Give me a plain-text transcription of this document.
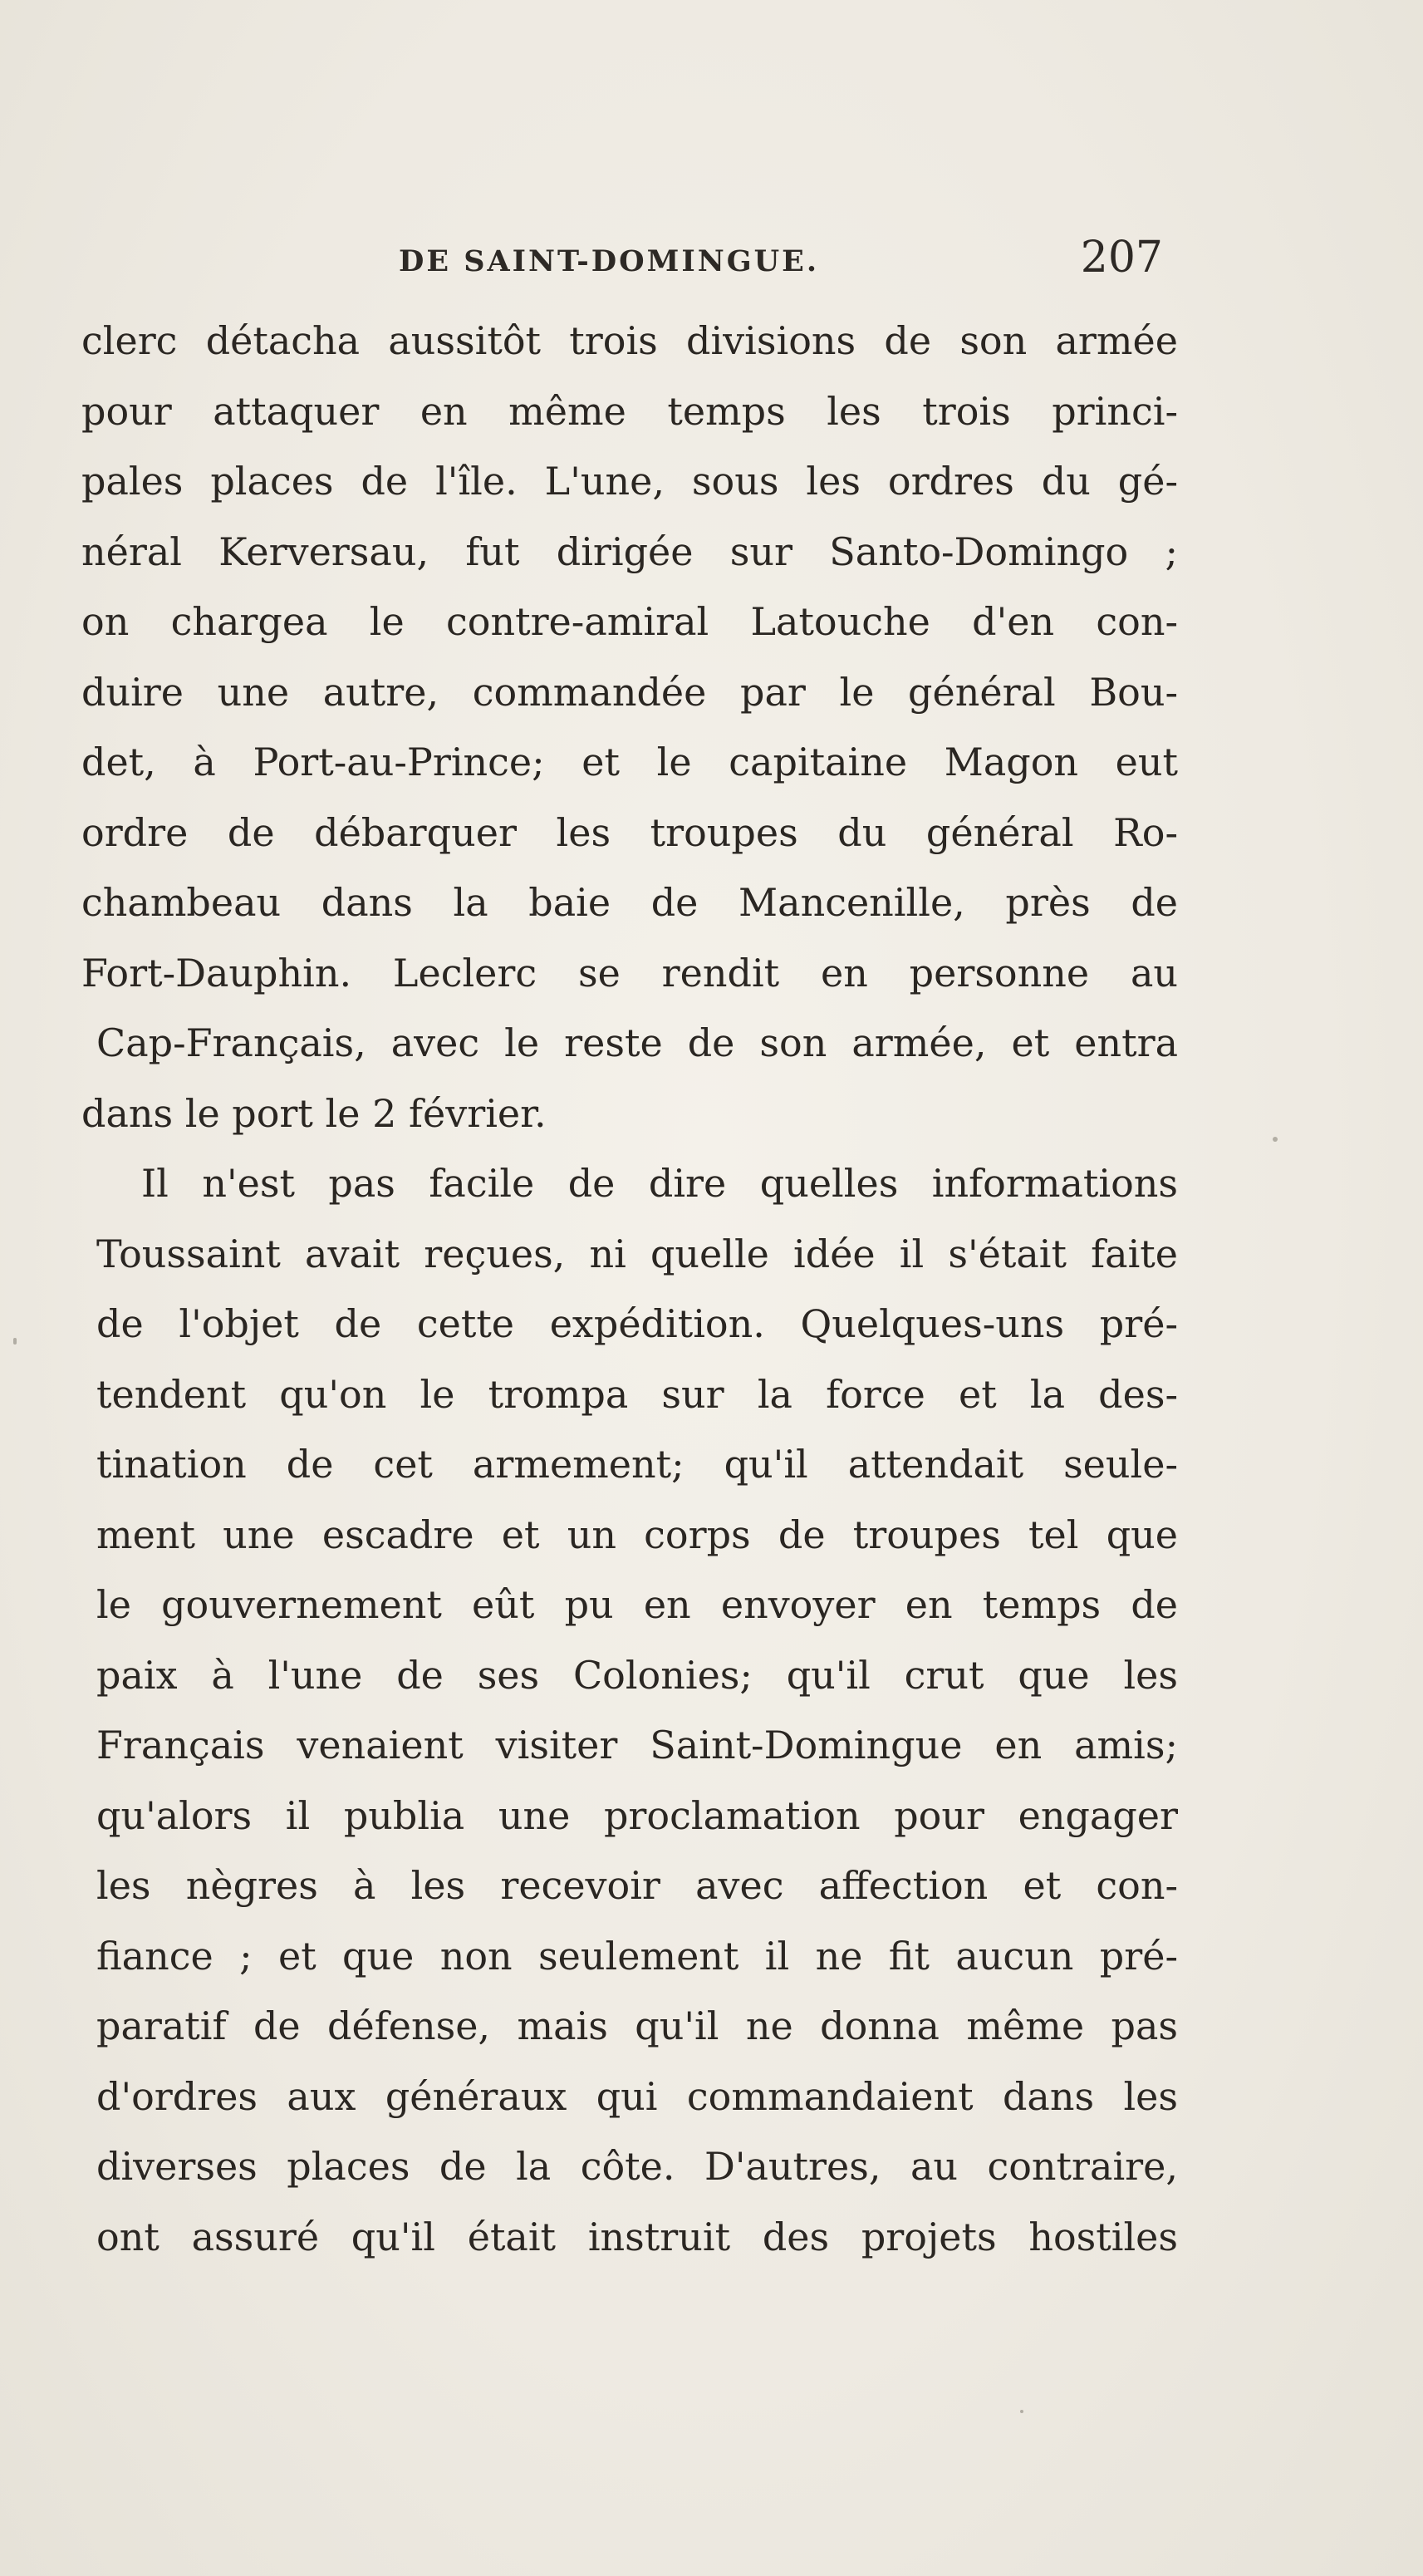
DE SAINT-DOMINGUE.	207
clerc détacha aussitôt trois divisions de son armée
pour attaquer en même temps les trois princi-
pales places de l'île. L'une, sous les ordres du gé-
néral Kerversau, fut dirigée sur Santo-Domingo ;
on chargea le contre-amiral Latouche d'en con-
duire une autre, commandée par le général Bou-
det, à Port-au-Prince; et le capitaine Magon eut
ordre de débarquer les troupes du général Ro-
chambeau dans la baie de Mancenille, près de
Fort-Dauphin. Leclerc se rendit en personne au
Cap-Français, avec le reste de son armée, et entra
dans le port le 2 février.
Il n'est pas facile de dire quelles informations
Toussaint avait reçues, ni quelle idée il s'était faite
de l'objet de cette expédition. Quelques-uns pré-
tendent qu'on le trompa sur la force et la des-
tination de cet armement; qu'il attendait seule-
ment une escadre et un corps de troupes tel que
le gouvernement eût pu en envoyer en temps de
paix à l'une de ses Colonies; qu'il crut que les
Français venaient visiter Saint-Domingue en amis;
qu'alors il publia une proclamation pour engager
les nègres à les recevoir avec affection et con-
fiance ; et que non seulement il ne fit aucun pré-
paratif de défense, mais qu'il ne donna même pas
d'ordres aux généraux qui commandaient dans les
diverses places de la côte. D'autres, au contraire,
ont assuré qu'il était instruit des projets hostiles
